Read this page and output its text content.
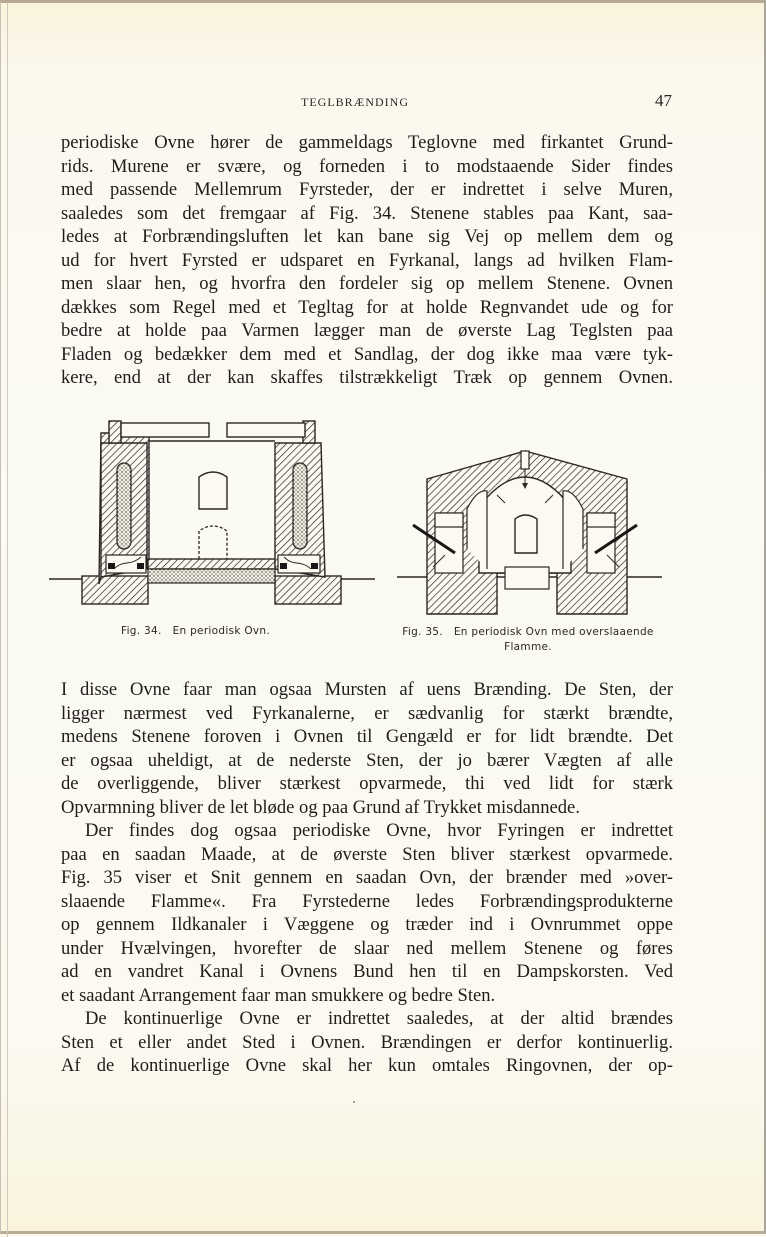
TEGLBRÆNDING	47
periodiske Ovne hører de gammeldags Teglovne med firkantet Grund-
rids. Murene er svære, og forneden i to modstaaende Sider findes
med passende Mellemrum Fyrsteder, der er indrettet i selve Muren,
saaledes som det fremgaar af Fig. 34. Stenene stables paa Kant, saa-
ledes at Forbrændingsluften let kan bane sig Vej op mellem dem og
ud for hvert Fyrsted er udsparet en Fyrkanal, langs ad hvilken Flam-
men slaar hen, og hvorfra den fordeler sig op mellem Stenene. Ovnen
dækkes som Regel med et Tegltag for at holde Regnvandet ude og for
bedre at holde paa Varmen lægger man de øverste Lag Teglsten paa
Fladen og bedækker dem med et Sandlag, der dog ikke maa være tyk-
kere, end at der kan skaffes tilstrækkeligt Træk op gennem Ovnen.
Fig. 34. En periodisk Ovn.	Fig. 35. En periodisk Ovn med overslaaende
Flamme.
I disse Ovne faar man ogsaa Mursten af uens Brænding. De Sten, der
ligger nærmest ved Fyrkanalerne, er sædvanlig for stærkt brændte,
medens Stenene foroven i Ovnen til Gengæld er for lidt brændte. Det
er ogsaa uheldigt, at de nederste Sten, der jo bærer Vægten af alle
de overliggende, bliver stærkest opvarmede, thi ved lidt for stærk
Opvarmning bliver de let bløde og paa Grund af Trykket misdannede.
Der findes dog ogsaa periodiske Ovne, hvor Fyringen er indrettet
paa en saadan Maade, at de øverste Sten bliver stærkest opvarmede.
Fig. 35 viser et Snit gennem en saadan Ovn, der brænder med »over-
slaaende Flamme«. Fra Fyrstederne ledes Forbrændingsprodukterne
op gennem Ildkanaler i Væggene og træder ind i Ovnrummet oppe
under Hvælvingen, hvorefter de slaar ned mellem Stenene og føres
ad en vandret Kanal i Ovnens Bund hen til en Dampskorsten. Ved
et saadant Arrangement faar man smukkere og bedre Sten.
De kontinuerlige Ovne er indrettet saaledes, at der altid brændes
Sten et eller andet Sted i Ovnen. Brændingen er derfor kontinuerlig.
Af de kontinuerlige Ovne skal her kun omtales Ringovnen, der op-
